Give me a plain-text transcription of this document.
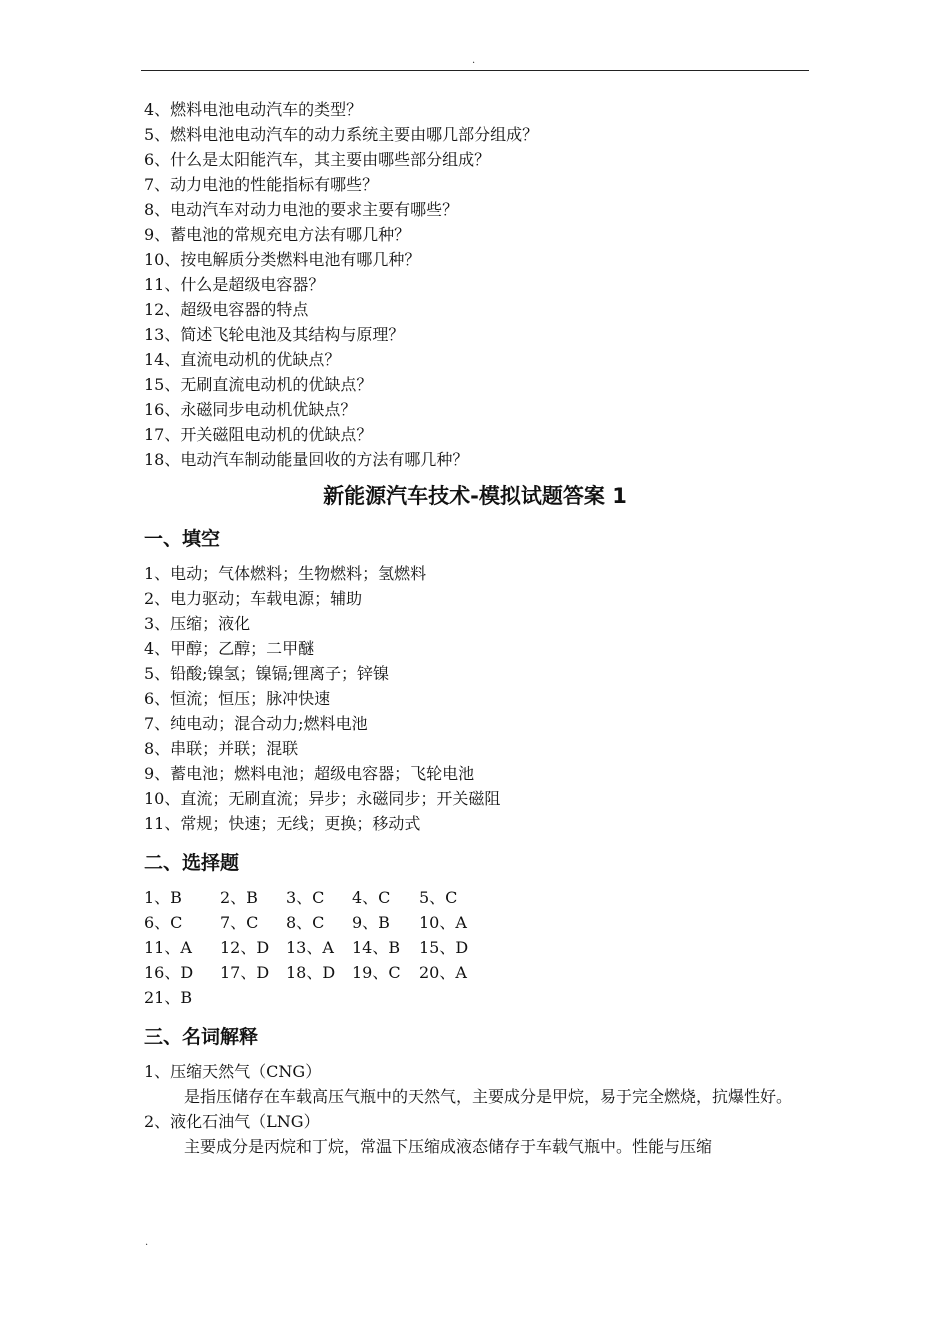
.
4、燃料电池电动汽车的类型？
5、燃料电池电动汽车的动力系统主要由哪几部分组成？
6、什么是太阳能汽车，其主要由哪些部分组成？
7、动力电池的性能指标有哪些？
8、电动汽车对动力电池的要求主要有哪些？
9、蓄电池的常规充电方法有哪几种？
10、按电解质分类燃料电池有哪几种？
11、什么是超级电容器？
12、超级电容器的特点
13、简述飞轮电池及其结构与原理？
14、直流电动机的优缺点？
15、无刷直流电动机的优缺点？
16、永磁同步电动机优缺点？
17、开关磁阻电动机的优缺点？
18、电动汽车制动能量回收的方法有哪几种？
新能源汽车技术-模拟试题答案 1
一、填空
1、电动；气体燃料；生物燃料；氢燃料
2、电力驱动；车载电源；辅助
3、压缩；液化
4、甲醇；乙醇；二甲醚
5、铅酸;镍氢；镍镉;锂离子；锌镍
6、恒流；恒压；脉冲快速
7、纯电动；混合动力;燃料电池
8、串联；并联；混联
9、蓄电池；燃料电池；超级电容器；飞轮电池
10、直流；无刷直流；异步；永磁同步；开关磁阻
11、常规；快速；无线；更换；移动式
二、选择题
1、B	2、B	3、C	4、C	5、C
6、C	7、C	8、C	9、B	10、A
11、A	12、D	13、A	14、B	15、D
16、D	17、D	18、D	19、C	20、A
21、B
三、名词解释
1、压缩天然气（CNG）
是指压储存在车载高压气瓶中的天然气，主要成分是甲烷，易于完全燃烧，抗爆性好。
2、液化石油气（LNG）
主要成分是丙烷和丁烷，常温下压缩成液态储存于车载气瓶中。性能与压缩
.
